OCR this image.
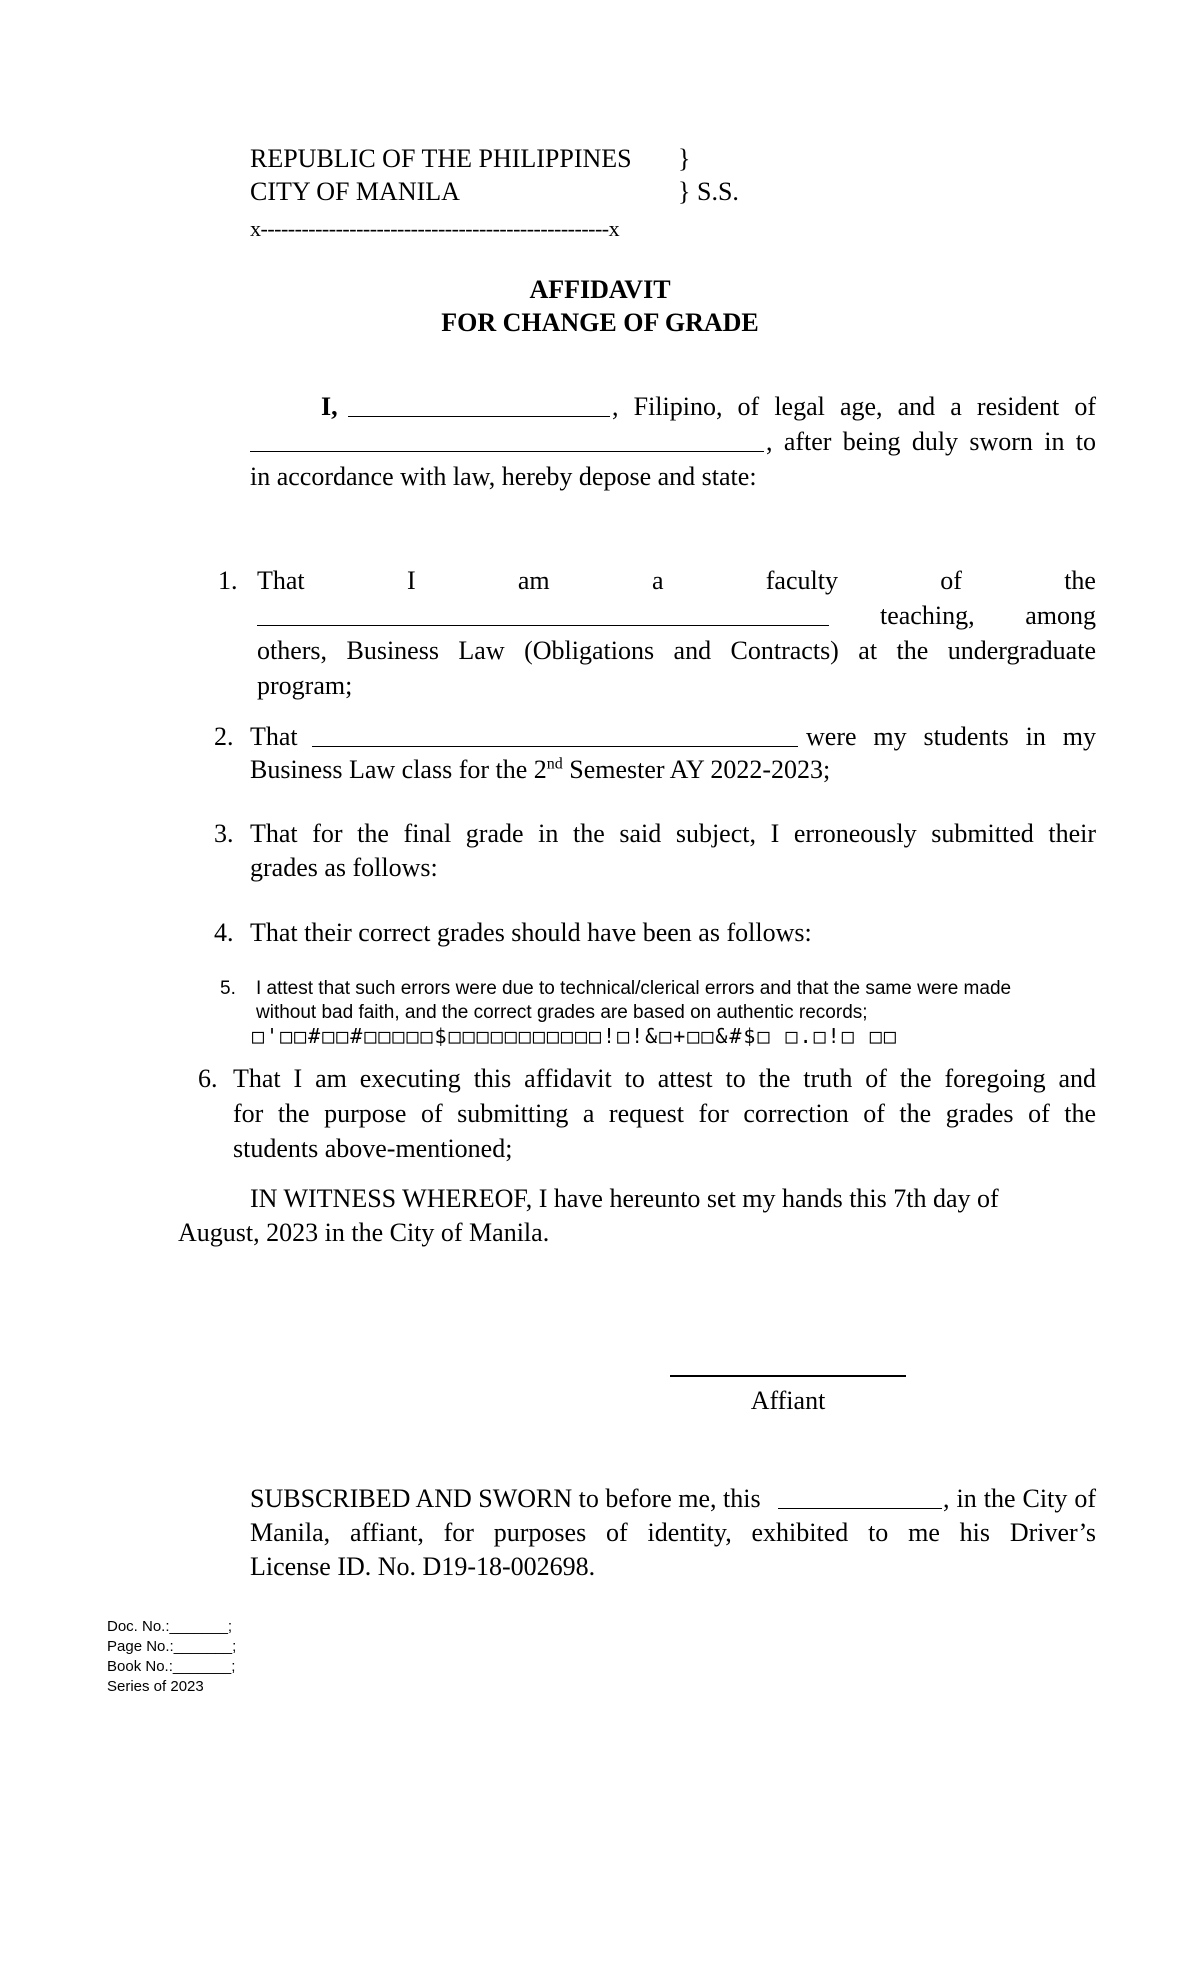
REPUBLIC OF THE PHILIPPINES }
CITY OF MANILA	} S.S.
x---------------------------------------------------x
AFFIDAVIT
FOR CHANGE OF GRADE
I,	, Filipino, of legal age, and a resident of
, after being duly sworn in to
in accordance with law, hereby depose and state:
1. That	I	am	a	faculty	of	the
teaching, among
others, Business Law (Obligations and Contracts) at the undergraduate
program;
2. That	were my students in my
Business Law class for the 2nd Semester AY 2022-2023;
3. That for the final grade in the said subject, I erroneously submitted their
grades as follows:
4. That their correct grades should have been as follows:
5. I attest that such errors were due to technical/clerical errors and that the same were made
without bad faith, and the correct grades are based on authentic records;
□'□□#□□#□□□□□$□□□□□□□□□□□!□!&□+□□&#$□ □.□!□ □□
6. That I am executing this affidavit to attest to the truth of the foregoing and
for the purpose of submitting a request for correction of the grades of the
students above-mentioned;
IN WITNESS WHEREOF, I have hereunto set my hands this 7th day of
August, 2023 in the City of Manila.
Affiant
SUBSCRIBED AND SWORN to before me, this	, in the City of
Manila, affiant, for purposes of identity, exhibited to me his Driver’s
License ID. No. D19-18-002698.
Doc. No.:_______;
Page No.:_______;
Book No.:_______;
Series of 2023
